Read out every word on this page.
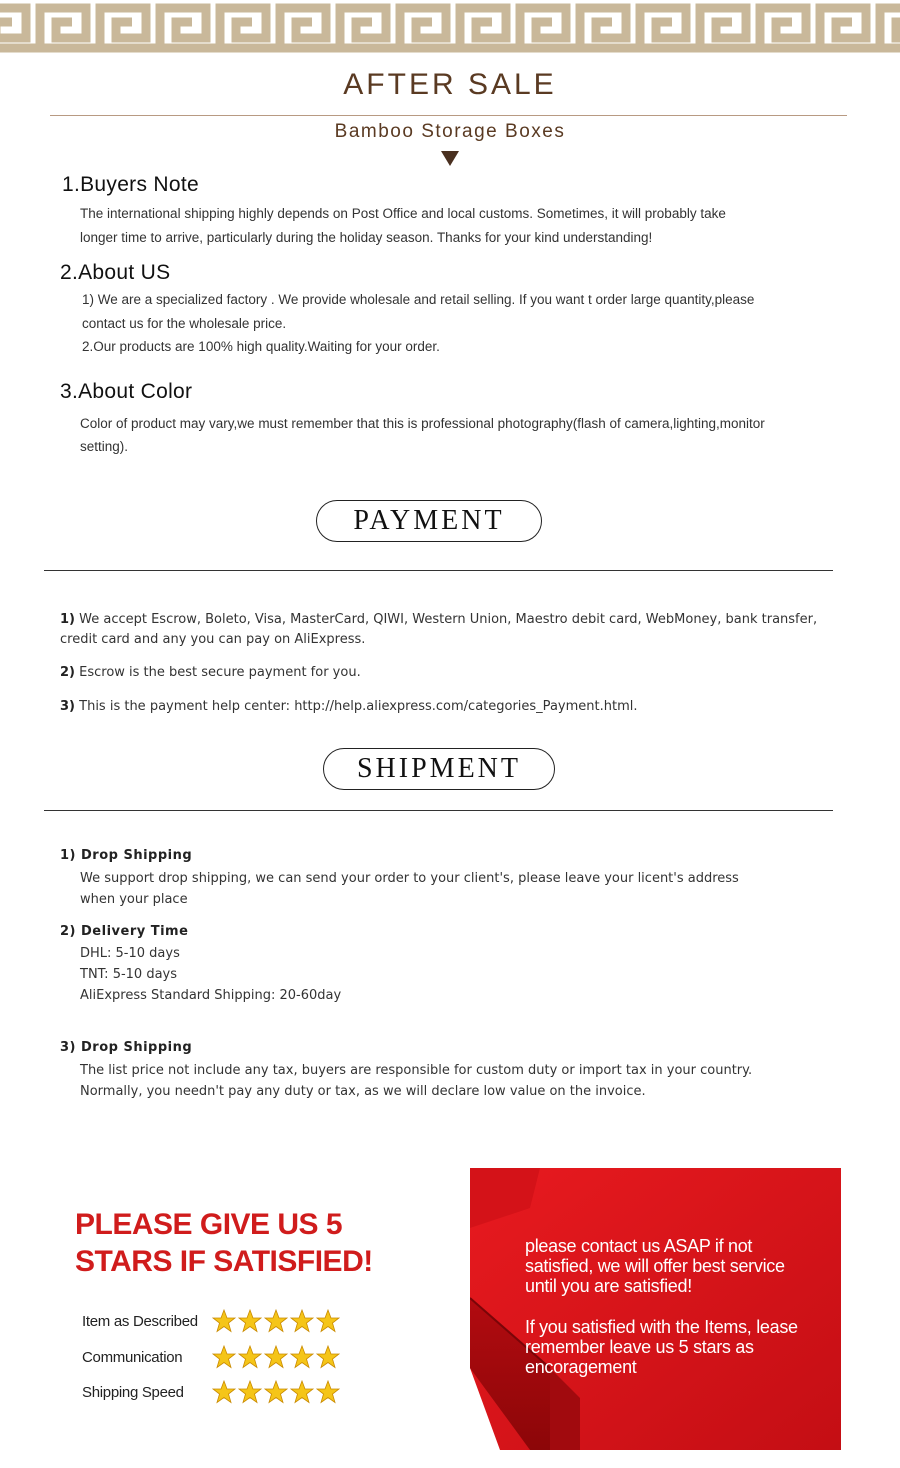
AFTER SALE
Bamboo Storage Boxes
1.Buyers Note
The international shipping highly depends on Post Office and local customs. Sometimes, it will probably take
longer time to arrive, particularly during the holiday season. Thanks for your kind understanding!
2.About US
1) We are a specialized factory . We provide wholesale and retail selling. If you want t order large quantity,please
contact us for the wholesale price.
2.Our products are 100% high quality.Waiting for your order.
3.About Color
Color of product may vary,we must remember that this is professional photography(flash of camera,lighting,monitor
setting).
PAYMENT
1) We accept Escrow, Boleto, Visa, MasterCard, QIWI, Western Union, Maestro debit card, WebMoney, bank transfer, credit card and any you can pay on AliExpress.
2) Escrow is the best secure payment for you.
3) This is the payment help center: http://help.aliexpress.com/categories_Payment.html.
SHIPMENT
1) Drop Shipping
We support drop shipping, we can send your order to your client's, please leave your licent's address
when your place
2) Delivery Time
DHL: 5-10 days
TNT: 5-10 days
AliExpress Standard Shipping: 20-60day
3) Drop Shipping
The list price not include any tax, buyers are responsible for custom duty or import tax in your country.
Normally, you needn't pay any duty or tax, as we will declare low value on the invoice.
PLEASE GIVE US 5
STARS IF SATISFIED!
Item as Described
Communication
Shipping Speed
please contact us ASAP if not
satisfied, we will offer best service
until you are satisfied!
If you satisfied with the Items, lease
remember leave us 5 stars as
encoragement
